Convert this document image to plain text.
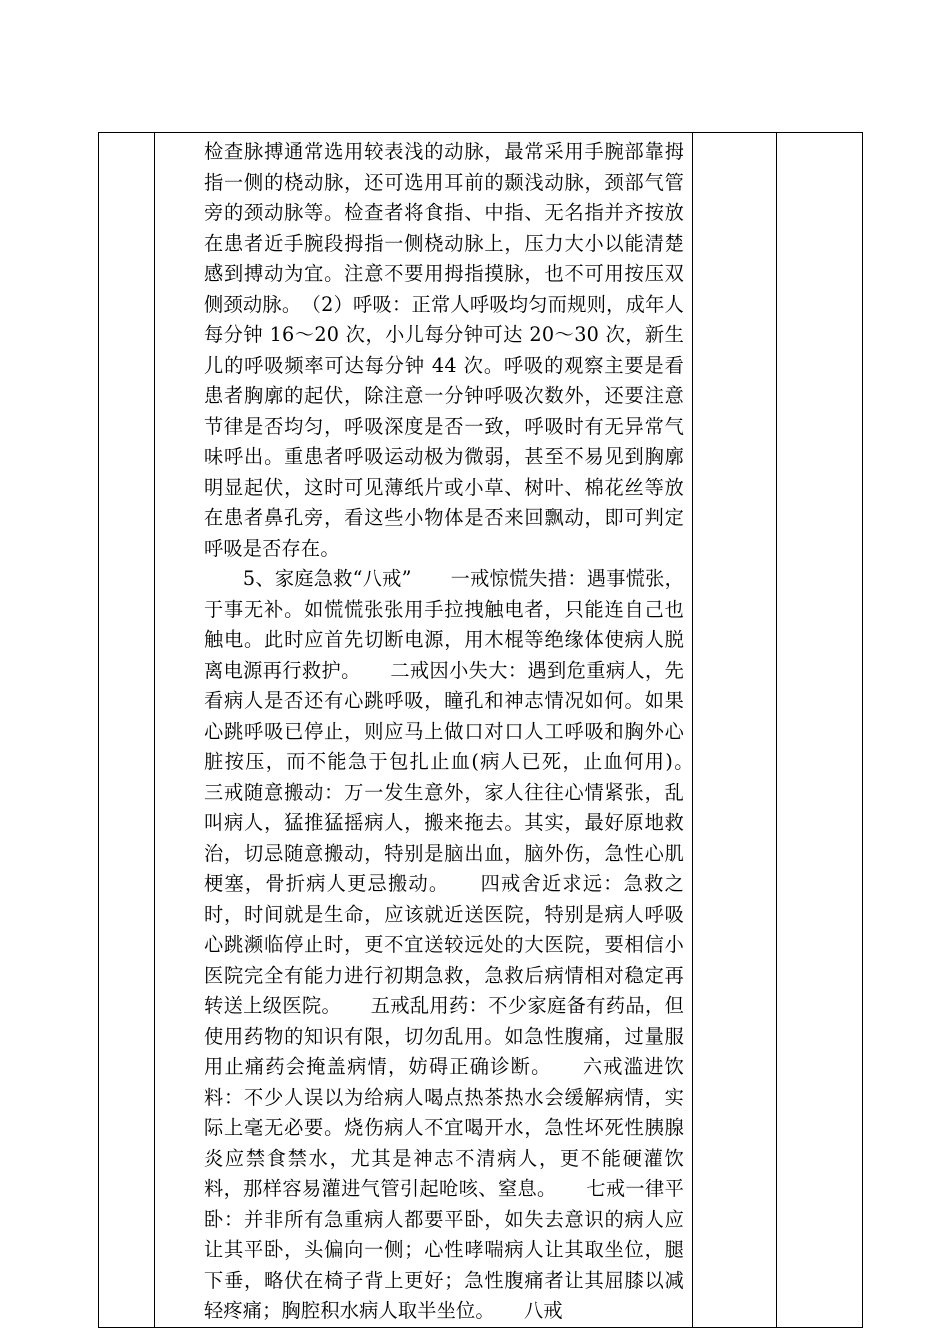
检查脉搏通常选用较表浅的动脉，最常采用手腕部靠拇指一侧的桡动脉，还可选用耳前的颞浅动脉，颈部气管旁的颈动脉等。检查者将食指、中指、无名指并齐按放在患者近手腕段拇指一侧桡动脉上，压力大小以能清楚感到搏动为宜。注意不要用拇指摸脉，也不可用按压双侧颈动脉。　（2）呼吸：正常人呼吸均匀而规则，成年人每分钟 16～20 次，小儿每分钟可达 20～30 次，新生儿的呼吸频率可达每分钟 44 次。呼吸的观察主要是看患者胸廓的起伏，除注意一分钟呼吸次数外，还要注意节律是否均匀，呼吸深度是否一致，呼吸时有无异常气味呼出。重患者呼吸运动极为微弱，甚至不易见到胸廓明显起伏，这时可见薄纸片或小草、树叶、棉花丝等放在患者鼻孔旁，看这些小物体是否来回飘动，即可判定呼吸是否存在。

　　5、家庭急救“八戒”　　一戒惊慌失措：遇事慌张，于事无补。如慌慌张张用手拉拽触电者，只能连自己也触电。此时应首先切断电源，用木棍等绝缘体使病人脱离电源再行救护。　　二戒因小失大：遇到危重病人，先看病人是否还有心跳呼吸，瞳孔和神志情况如何。如果心跳呼吸已停止，则应马上做口对口人工呼吸和胸外心脏按压，而不能急于包扎止血(病人已死，止血何用)。　　三戒随意搬动：万一发生意外，家人往往心情紧张，乱叫病人，猛推猛摇病人，搬来拖去。其实，最好原地救治，切忌随意搬动，特别是脑出血，脑外伤，急性心肌梗塞，骨折病人更忌搬动。　　四戒舍近求远：急救之时，时间就是生命，应该就近送医院，特别是病人呼吸心跳濒临停止时，更不宜送较远处的大医院，要相信小医院完全有能力进行初期急救，急救后病情相对稳定再转送上级医院。　　五戒乱用药：不少家庭备有药品，但使用药物的知识有限，切勿乱用。如急性腹痛，过量服用止痛药会掩盖病情，妨碍正确诊断。　　六戒滥进饮料：不少人误以为给病人喝点热茶热水会缓解病情，实际上毫无必要。烧伤病人不宜喝开水，急性坏死性胰腺炎应禁食禁水，尤其是神志不清病人，更不能硬灌饮料，那样容易灌进气管引起呛咳、窒息。　　七戒一律平卧：并非所有急重病人都要平卧，如失去意识的病人应让其平卧，头偏向一侧；心性哮喘病人让其取坐位，腿下垂，略伏在椅子背上更好；急性腹痛者让其屈膝以减轻疼痛；胸腔积水病人取半坐位。　　八戒
